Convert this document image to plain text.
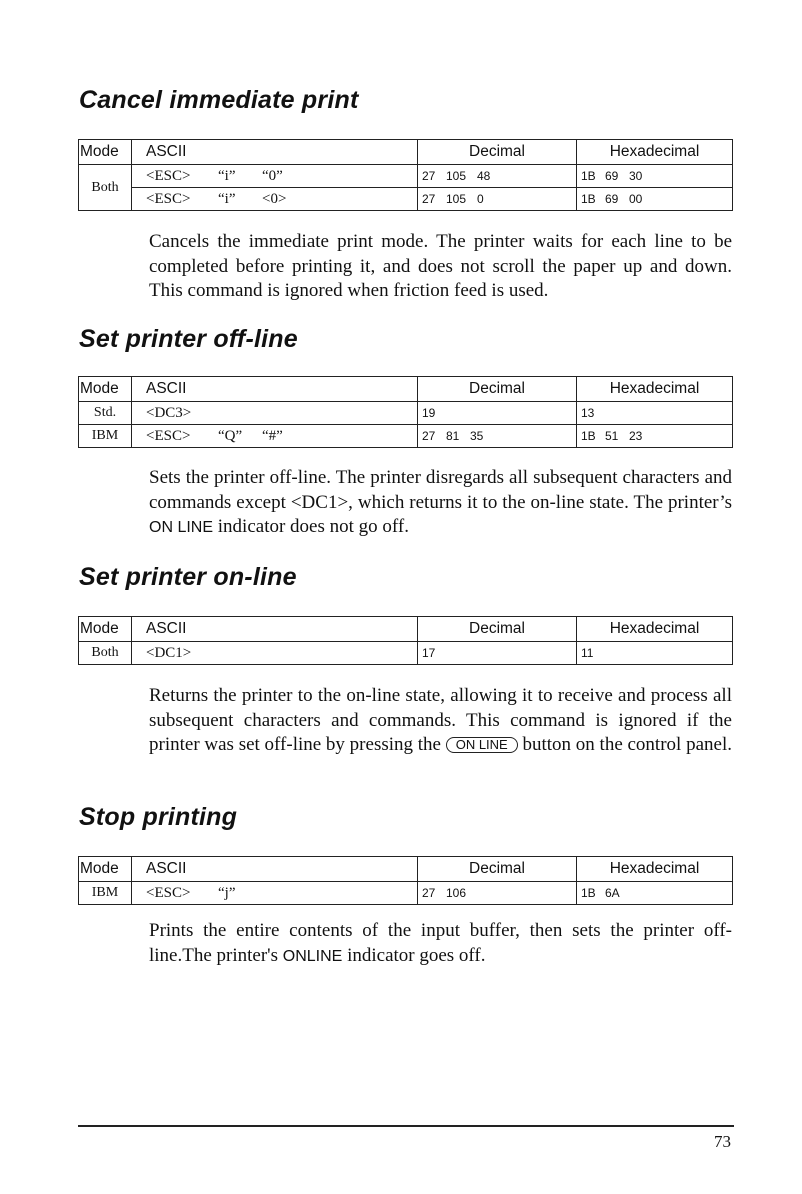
Cancel immediate print
Mode	ASCII	Decimal	Hexadecimal
Both	<ESC> “i” “0”	27 105 48	1B 69 30
	<ESC> “i” <0>	27 105 0	1B 69 00

Cancels the immediate print mode. The printer waits for each line to be completed before printing it, and does not scroll the paper up and down. This command is ignored when friction feed is used.

Set printer off-line
Mode	ASCII	Decimal	Hexadecimal
Std.	<DC3>	19	13
IBM	<ESC> “Q” “#”	27 81 35	1B 51 23

Sets the printer off-line. The printer disregards all subsequent characters and commands except <DC1>, which returns it to the on-line state. The printer’s ON LINE indicator does not go off.

Set printer on-line
Mode	ASCII	Decimal	Hexadecimal
Both	<DC1>	17	11

Returns the printer to the on-line state, allowing it to receive and process all subsequent characters and commands. This command is ignored if the printer was set off-line by pressing the ON LINE button on the control panel.

Stop printing
Mode	ASCII	Decimal	Hexadecimal
IBM	<ESC> “j”	27 106	1B 6A

Prints the entire contents of the input buffer, then sets the printer off-line.The printer's ONLINE indicator goes off.

73
